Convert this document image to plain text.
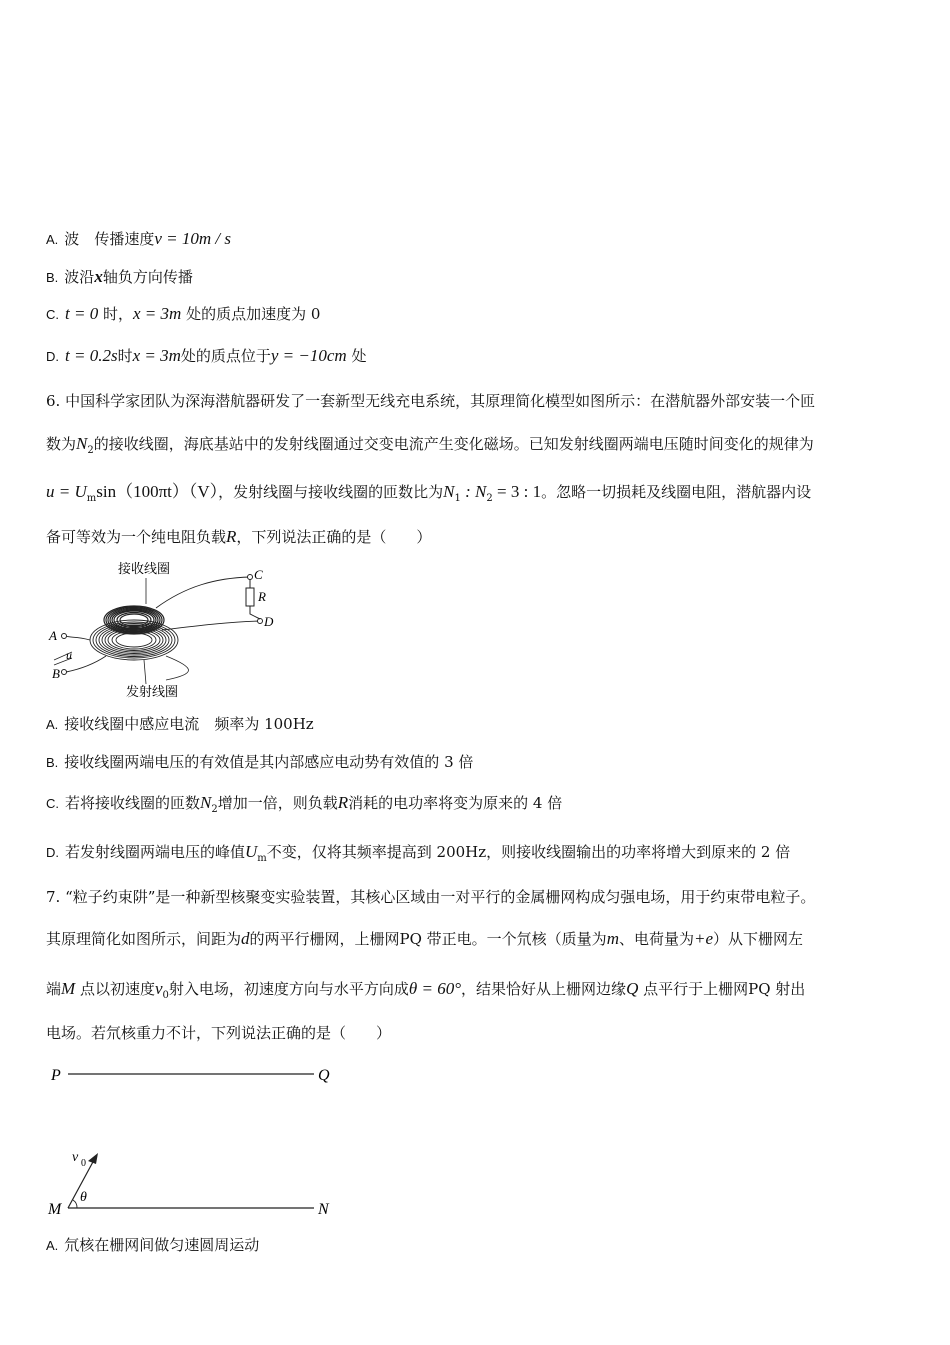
A. 波  传播速度v = 10m / s
B. 波沿x轴负方向传播
C. t = 0 时，x = 3m 处的质点加速度为 0
D. t = 0.2s时x = 3m处的质点位于y = −10cm 处
6. 中国科学家团队为深海潜航器研发了一套新型无线充电系统，其原理简化模型如图所示：在潜航器外部安装一个匝
数为$N_2$的接收线圈，海底基站中的发射线圈通过交变电流产生变化磁场。已知发射线圈两端电压随时间变化的规律为
$u = U_m\sin(100\pi t)(V)$，发射线圈与接收线圈的匝数比为$N_1$ : $N_2 = 3$ : 1。忽略一切损耗及线圈电阻，潜航器内设
备可等效为一个纯电阻负载R，下列说法正确的是（　　）
接收线圈	C
R
D
A
B
u
发射线圈
A. 接收线圈中感应电流  频率为 100Hz
B. 接收线圈两端电压的有效值是其内部感应电动势有效值的 3 倍
C. 若将接收线圈的匝数$N_2$增加一倍，则负载R消耗的电功率将变为原来的 4 倍
D. 若发射线圈两端电压的峰值$U_m$不变，仅将其频率提高到 200Hz，则接收线圈输出的功率将增大到原来的 2 倍
7. “粒子约束阱”是一种新型核聚变实验装置，其核心区域由一对平行的金属栅网构成匀强电场，用于约束带电粒子。
其原理简化如图所示，间距为d的两平行栅网，上栅网PQ 带正电。一个氘核（质量为m、电荷量为+e）从下栅网左
端M 点以初速度$v_0$射入电场，初速度方向与水平方向成θ = 60°，结果恰好从上栅网边缘Q 点平行于上栅网PQ 射出
电场。若氘核重力不计，下列说法正确的是（　　）
P	Q
M	N
v 0
θ
A. 氘核在栅网间做匀速圆周运动
